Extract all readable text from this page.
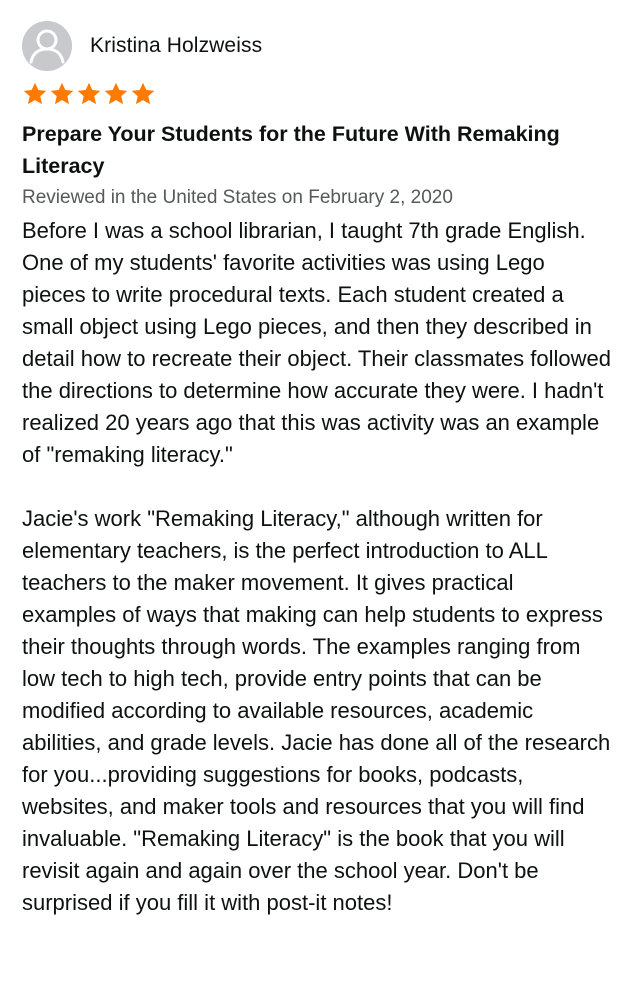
Kristina Holzweiss
Prepare Your Students for the Future With Remaking Literacy
Reviewed in the United States on February 2, 2020

Before I was a school librarian, I taught 7th grade English. One of my students' favorite activities was using Lego pieces to write procedural texts. Each student created a small object using Lego pieces, and then they described in detail how to recreate their object. Their classmates followed the directions to determine how accurate they were. I hadn't realized 20 years ago that this was activity was an example of "remaking literacy."

Jacie's work "Remaking Literacy," although written for elementary teachers, is the perfect introduction to ALL teachers to the maker movement. It gives practical examples of ways that making can help students to express their thoughts through words. The examples ranging from low tech to high tech, provide entry points that can be modified according to available resources, academic abilities, and grade levels. Jacie has done all of the research for you...providing suggestions for books, podcasts, websites, and maker tools and resources that you will find invaluable. "Remaking Literacy" is the book that you will revisit again and again over the school year. Don't be surprised if you fill it with post-it notes!
